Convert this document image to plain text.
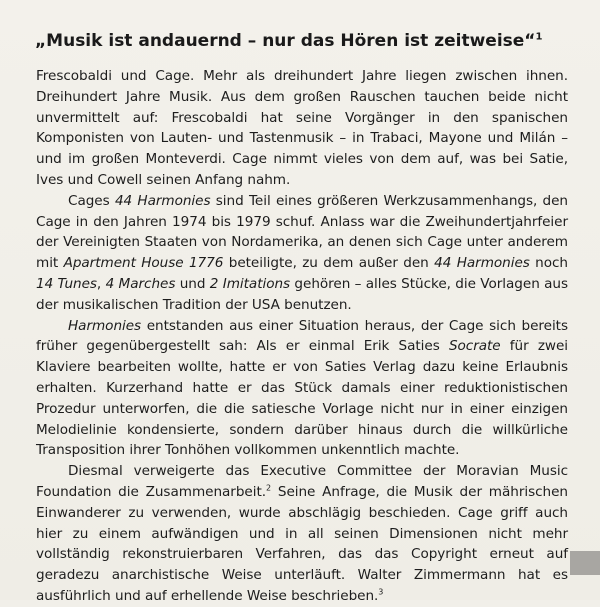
„Musik ist andauernd – nur das Hören ist zeitweise“$^1$

Frescobaldi und Cage. Mehr als dreihundert Jahre liegen zwischen ihnen. Dreihundert Jahre Musik. Aus dem großen Rauschen tauchen beide nicht unvermittelt auf: Frescobaldi hat seine Vorgänger in den spanischen Komponisten von Lauten- und Tastenmusik – in Trabaci, Mayone und Milán – und im großen Monteverdi. Cage nimmt vieles von dem auf, was bei Satie, Ives und Cowell seinen Anfang nahm.

Cages 44 Harmonies sind Teil eines größeren Werkzusammenhangs, den Cage in den Jahren 1974 bis 1979 schuf. Anlass war die Zweihundertjahrfeier der Vereinigten Staaten von Nordamerika, an denen sich Cage unter anderem mit Apartment House 1776 beteiligte, zu dem außer den 44 Harmonies noch 14 Tunes, 4 Marches und 2 Imitations gehören – alles Stücke, die Vorlagen aus der musikalischen Tradition der USA benutzen.

Harmonies entstanden aus einer Situation heraus, der Cage sich bereits früher gegenübergestellt sah: Als er einmal Erik Saties Socrate für zwei Klaviere bearbeiten wollte, hatte er von Saties Verlag dazu keine Erlaubnis erhalten. Kurzerhand hatte er das Stück damals einer reduktionistischen Prozedur unterworfen, die die satiesche Vorlage nicht nur in einer einzigen Melodielinie kondensierte, sondern darüber hinaus durch die willkürliche Transposition ihrer Tonhöhen vollkommen unkenntlich machte.

Diesmal verweigerte das Executive Committee der Moravian Music Foundation die Zusammenarbeit.$^2$ Seine Anfrage, die Musik der mährischen Einwanderer zu verwenden, wurde abschlägig beschieden. Cage griff auch hier zu einem aufwändigen und in all seinen Dimensionen nicht mehr vollständig rekonstruierbaren Verfahren, das das Copyright erneut auf geradezu anarchistische Weise unterläuft. Walter Zimmermann hat es ausführlich und auf erhellende Weise beschrieben.$^3$
